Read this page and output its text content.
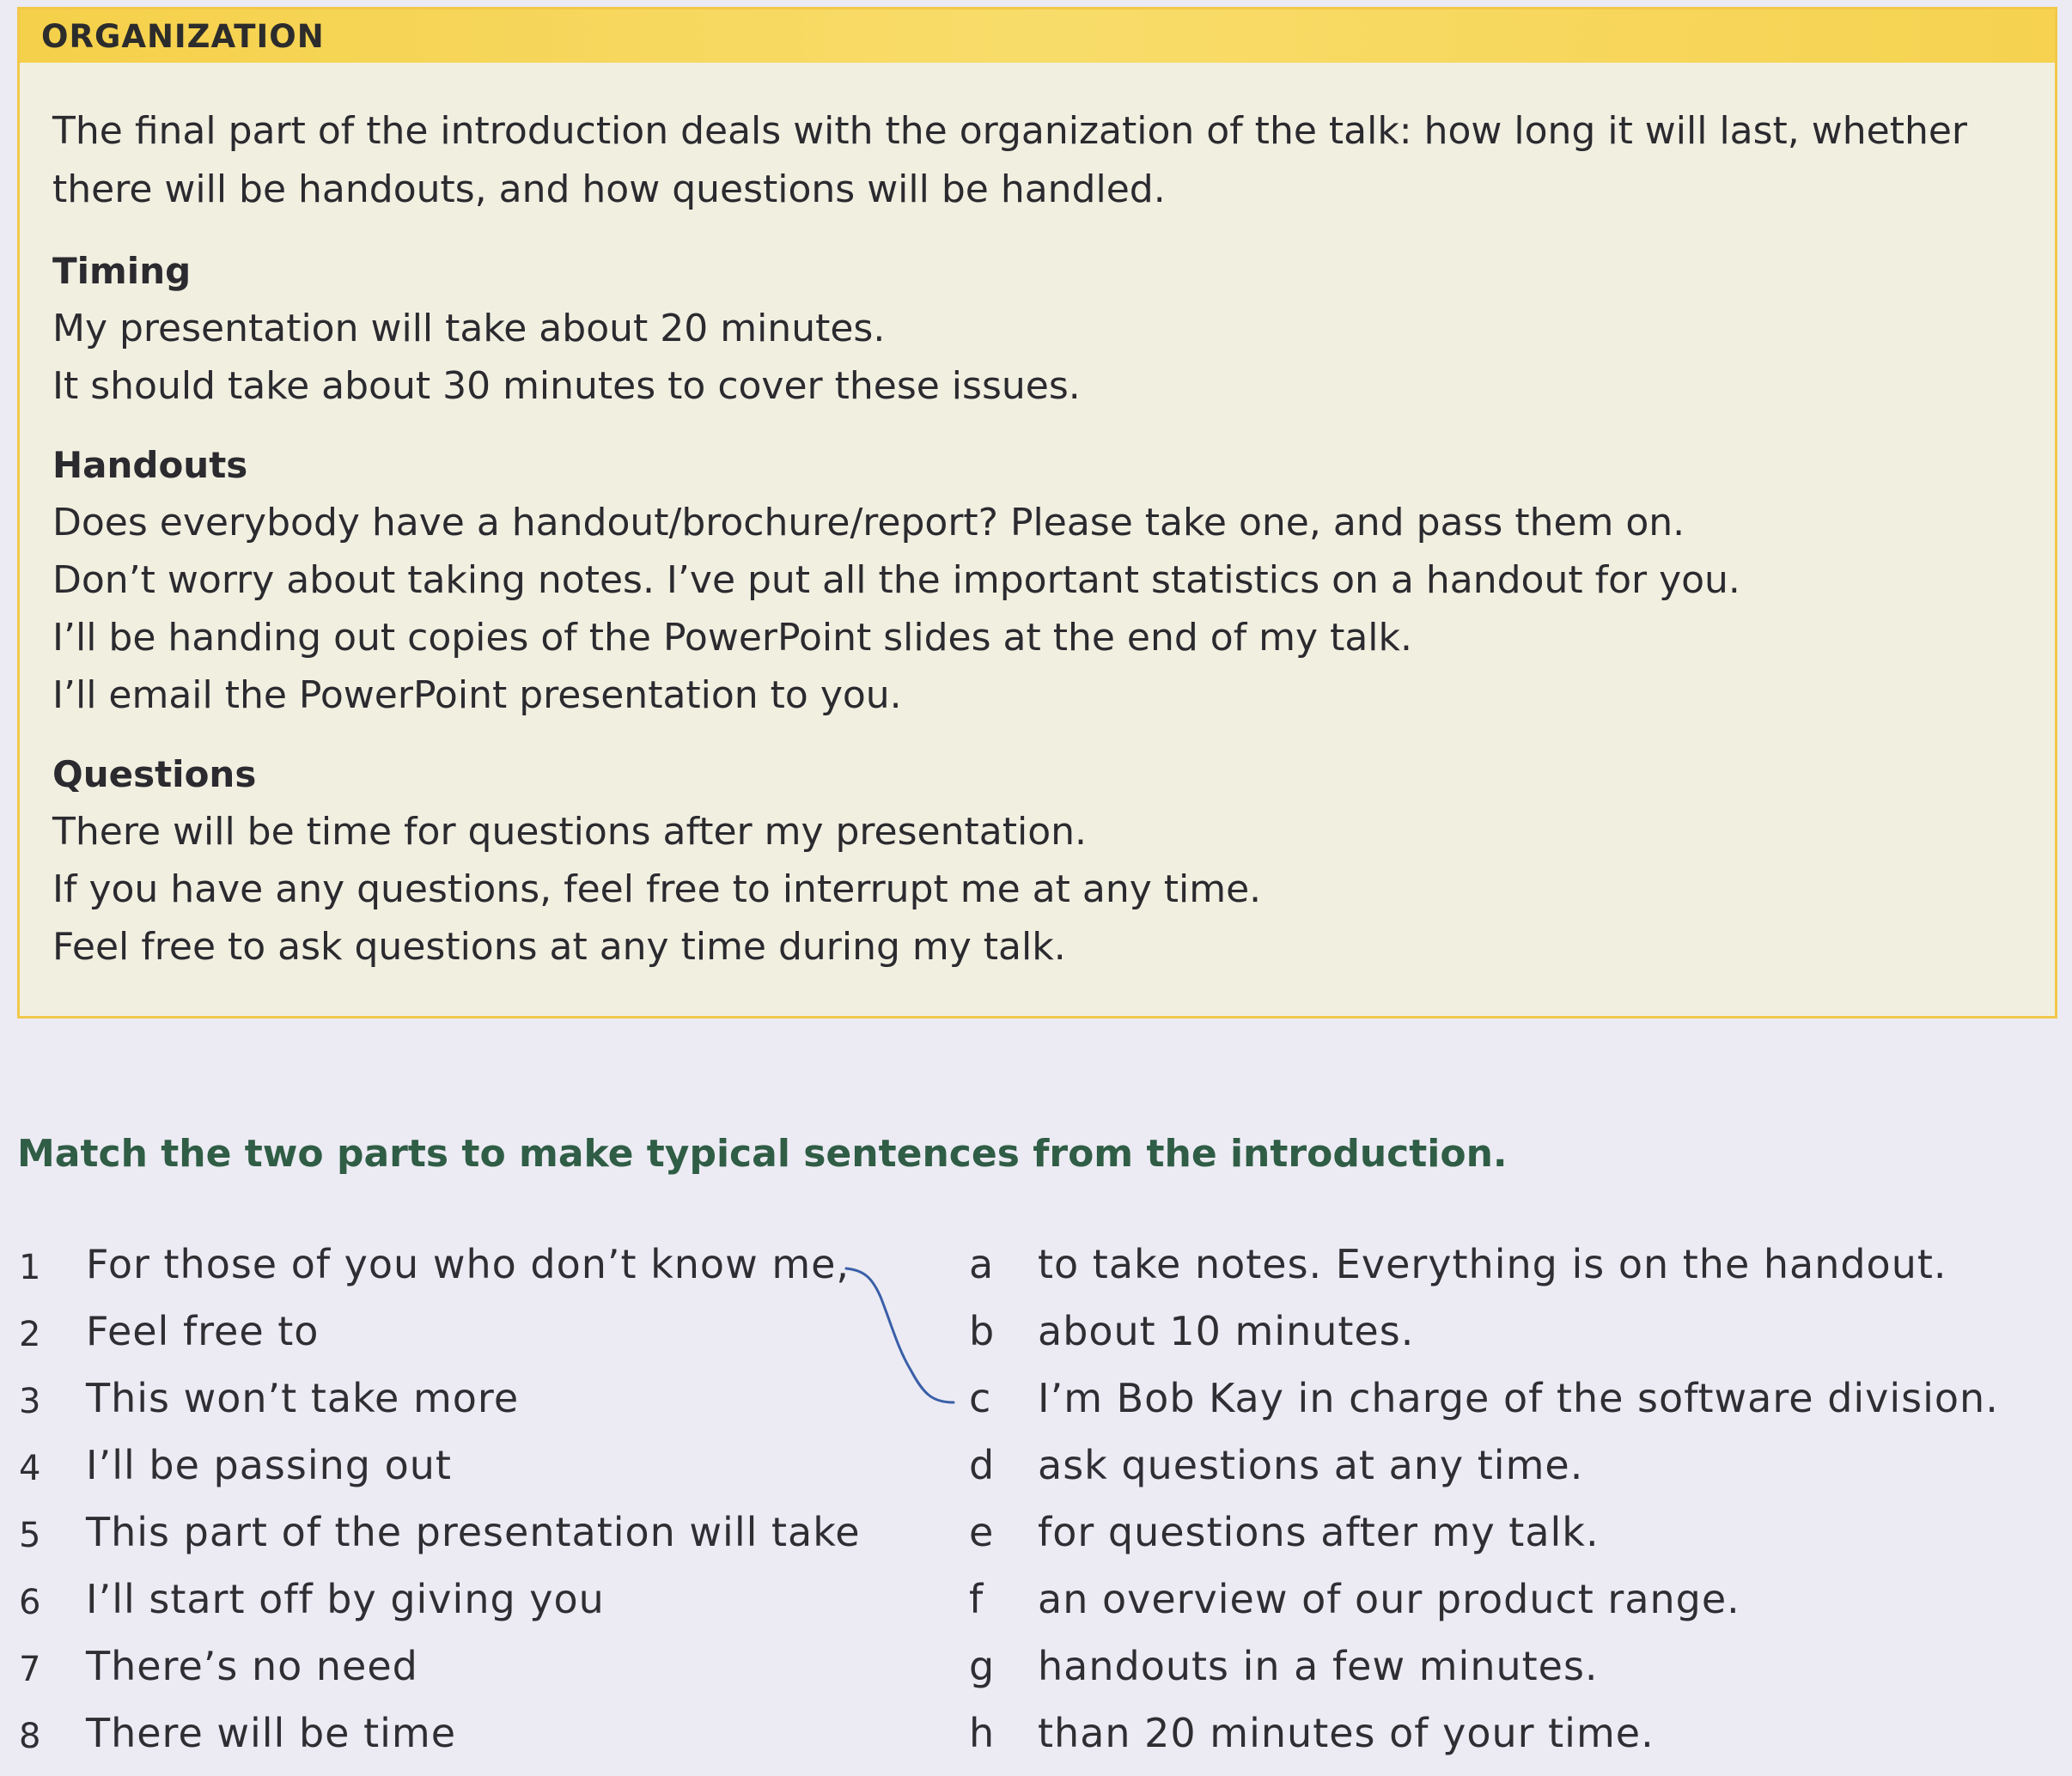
ORGANIZATION
The final part of the introduction deals with the organization of the talk: how long it will last, whether there will be handouts, and how questions will be handled.
Timing
My presentation will take about 20 minutes.
It should take about 30 minutes to cover these issues.
Handouts
Does everybody have a handout/brochure/report? Please take one, and pass them on.
Don’t worry about taking notes. I’ve put all the important statistics on a handout for you.
I’ll be handing out copies of the PowerPoint slides at the end of my talk.
I’ll email the PowerPoint presentation to you.
Questions
There will be time for questions after my presentation.
If you have any questions, feel free to interrupt me at any time.
Feel free to ask questions at any time during my talk.
Match the two parts to make typical sentences from the introduction.
1 For those of you who don’t know me,	a to take notes. Everything is on the handout.
2 Feel free to	b about 10 minutes.
3 This won’t take more	c I’m Bob Kay in charge of the software division.
4 I’ll be passing out	d ask questions at any time.
5 This part of the presentation will take	e for questions after my talk.
6 I’ll start off by giving you	f an overview of our product range.
7 There’s no need	g handouts in a few minutes.
8 There will be time	h than 20 minutes of your time.
